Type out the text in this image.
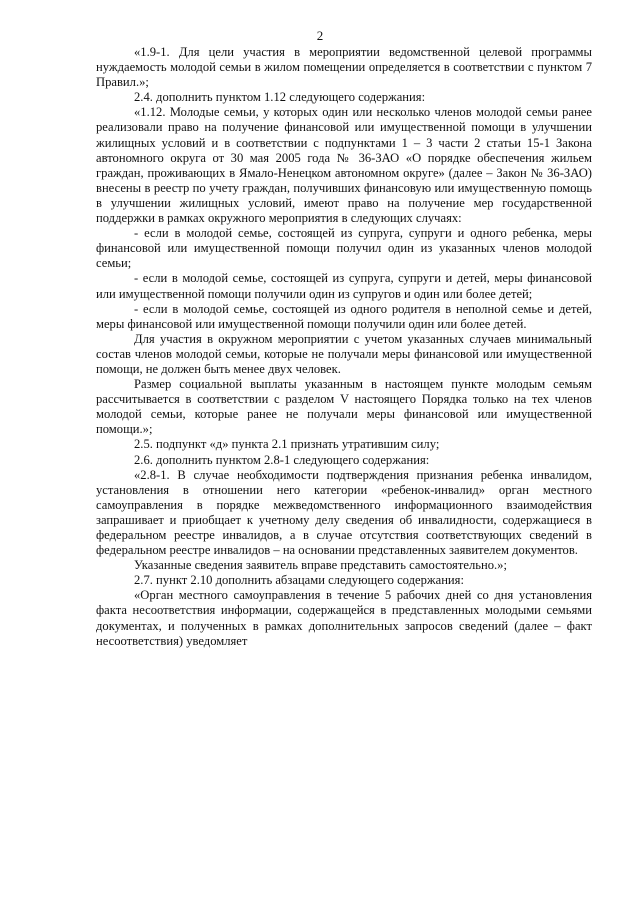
2

«1.9-1. Для цели участия в мероприятии ведомственной целевой программы нуждаемость молодой семьи в жилом помещении определяется в соответствии с пунктом 7 Правил.»;

2.4. дополнить пунктом 1.12 следующего содержания:

«1.12. Молодые семьи, у которых один или несколько членов молодой семьи ранее реализовали право на получение финансовой или имущественной помощи в улучшении жилищных условий и в соответствии с подпунктами 1 – 3 части 2 статьи 15-1 Закона автономного округа от 30 мая 2005 года № 36-ЗАО «О порядке обеспечения жильем граждан, проживающих в Ямало-Ненецком автономном округе» (далее – Закон № 36-ЗАО) внесены в реестр по учету граждан, получивших финансовую или имущественную помощь в улучшении жилищных условий, имеют право на получение мер государственной поддержки в рамках окружного мероприятия в следующих случаях:

- если в молодой семье, состоящей из супруга, супруги и одного ребенка, меры финансовой или имущественной помощи получил один из указанных членов молодой семьи;

- если в молодой семье, состоящей из супруга, супруги и детей, меры финансовой или имущественной помощи получили один из супругов и один или более детей;

- если в молодой семье, состоящей из одного родителя в неполной семье и детей, меры финансовой или имущественной помощи получили один или более детей.

Для участия в окружном мероприятии с учетом указанных случаев минимальный состав членов молодой семьи, которые не получали меры финансовой или имущественной помощи, не должен быть менее двух человек.

Размер социальной выплаты указанным в настоящем пункте молодым семьям рассчитывается в соответствии с разделом V настоящего Порядка только на тех членов молодой семьи, которые ранее не получали меры финансовой или имущественной помощи.»;

2.5. подпункт «д» пункта 2.1 признать утратившим силу;

2.6. дополнить пунктом 2.8-1 следующего содержания:

«2.8-1. В случае необходимости подтверждения признания ребенка инвалидом, установления в отношении него категории «ребенок-инвалид» орган местного самоуправления в порядке межведомственного информационного взаимодействия запрашивает и приобщает к учетному делу сведения об инвалидности, содержащиеся в федеральном реестре инвалидов, а в случае отсутствия соответствующих сведений в федеральном реестре инвалидов – на основании представленных заявителем документов.

Указанные сведения заявитель вправе представить самостоятельно.»;

2.7. пункт 2.10 дополнить абзацами следующего содержания:

«Орган местного самоуправления в течение 5 рабочих дней со дня установления факта несоответствия информации, содержащейся в представленных молодыми семьями документах, и полученных в рамках дополнительных запросов сведений (далее – факт несоответствия) уведомляет
